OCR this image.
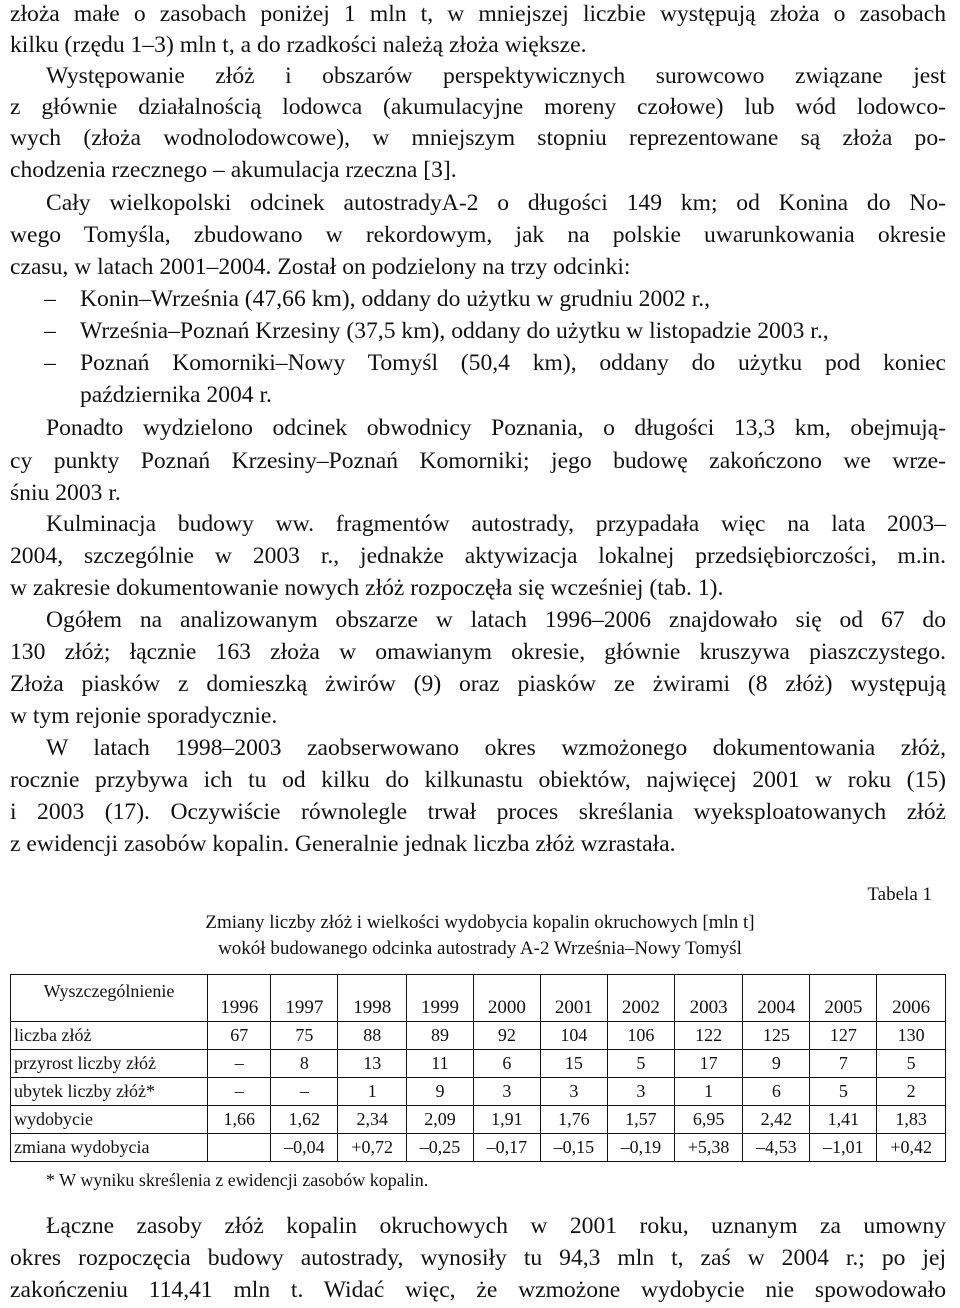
złoża małe o zasobach poniżej 1 mln t, w mniejszej liczbie występują złoża o zasobach
kilku (rzędu 1–3) mln t, a do rzadkości należą złoża większe.
Występowanie złóż i obszarów perspektywicznych surowcowo związane jest
z głównie działalnością lodowca (akumulacyjne moreny czołowe) lub wód lodowco-
wych (złoża wodnolodowcowe), w mniejszym stopniu reprezentowane są złoża po-
chodzenia rzecznego – akumulacja rzeczna [3].
Cały wielkopolski odcinek autostradyA-2 o długości 149 km; od Konina do No-
wego Tomyśla, zbudowano w rekordowym, jak na polskie uwarunkowania okresie
czasu, w latach 2001–2004. Został on podzielony na trzy odcinki:
– Konin–Września (47,66 km), oddany do użytku w grudniu 2002 r.,
– Września–Poznań Krzesiny (37,5 km), oddany do użytku w listopadzie 2003 r.,
– Poznań Komorniki–Nowy Tomyśl (50,4 km), oddany do użytku pod koniec
października 2004 r.
Ponadto wydzielono odcinek obwodnicy Poznania, o długości 13,3 km, obejmują-
cy punkty Poznań Krzesiny–Poznań Komorniki; jego budowę zakończono we wrze-
śniu 2003 r.
Kulminacja budowy ww. fragmentów autostrady, przypadała więc na lata 2003–
2004, szczególnie w 2003 r., jednakże aktywizacja lokalnej przedsiębiorczości, m.in.
w zakresie dokumentowanie nowych złóż rozpoczęła się wcześniej (tab. 1).
Ogółem na analizowanym obszarze w latach 1996–2006 znajdowało się od 67 do
130 złóż; łącznie 163 złoża w omawianym okresie, głównie kruszywa piaszczystego.
Złoża piasków z domieszką żwirów (9) oraz piasków ze żwirami (8 złóż) występują
w tym rejonie sporadycznie.
W latach 1998–2003 zaobserwowano okres wzmożonego dokumentowania złóż,
rocznie przybywa ich tu od kilku do kilkunastu obiektów, najwięcej 2001 w roku (15)
i 2003 (17). Oczywiście równolegle trwał proces skreślania wyeksploatowanych złóż
z ewidencji zasobów kopalin. Generalnie jednak liczba złóż wzrastała.
Tabela 1
Zmiany liczby złóż i wielkości wydobycia kopalin okruchowych [mln t]
wokół budowanego odcinka autostrady A-2 Września–Nowy Tomyśl
Wyszczególnienie	1996	1997	1998	1999	2000	2001	2002	2003	2004	2005	2006
liczba złóż	67	75	88	89	92	104	106	122	125	127	130
przyrost liczby złóż	–	8	13	11	6	15	5	17	9	7	5
ubytek liczby złóż*	–	–	1	9	3	3	3	1	6	5	2
wydobycie	1,66	1,62	2,34	2,09	1,91	1,76	1,57	6,95	2,42	1,41	1,83
zmiana wydobycia		–0,04	+0,72	–0,25	–0,17	–0,15	–0,19	+5,38	–4,53	–1,01	+0,42
* W wyniku skreślenia z ewidencji zasobów kopalin.
Łączne zasoby złóż kopalin okruchowych w 2001 roku, uznanym za umowny
okres rozpoczęcia budowy autostrady, wynosiły tu 94,3 mln t, zaś w 2004 r.; po jej
zakończeniu 114,41 mln t. Widać więc, że wzmożone wydobycie nie spowodowało
